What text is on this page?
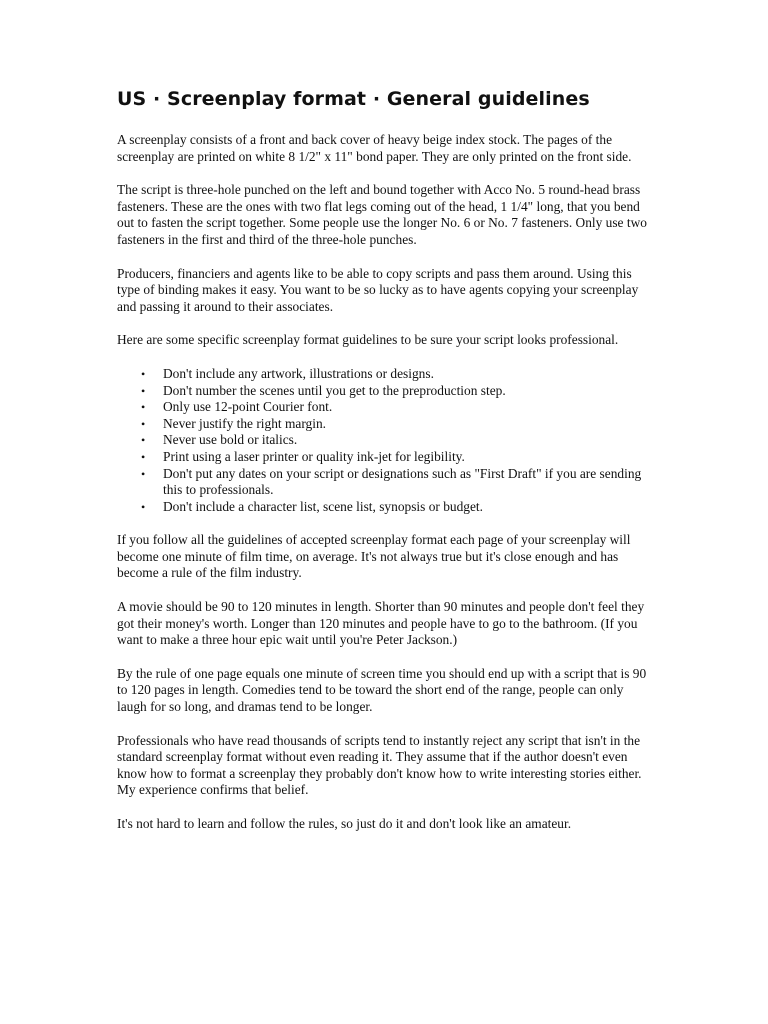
US · Screenplay format · General guidelines

A screenplay consists of a front and back cover of heavy beige index stock. The pages of the screenplay are printed on white 8 1/2" x 11" bond paper. They are only printed on the front side.

The script is three-hole punched on the left and bound together with Acco No. 5 round-head brass fasteners. These are the ones with two flat legs coming out of the head, 1 1/4" long, that you bend out to fasten the script together. Some people use the longer No. 6 or No. 7 fasteners. Only use two fasteners in the first and third of the three-hole punches.

Producers, financiers and agents like to be able to copy scripts and pass them around. Using this type of binding makes it easy. You want to be so lucky as to have agents copying your screenplay and passing it around to their associates.

Here are some specific screenplay format guidelines to be sure your script looks professional.

• Don't include any artwork, illustrations or designs.
• Don't number the scenes until you get to the preproduction step.
• Only use 12-point Courier font.
• Never justify the right margin.
• Never use bold or italics.
• Print using a laser printer or quality ink-jet for legibility.
• Don't put any dates on your script or designations such as "First Draft" if you are sending this to professionals.
• Don't include a character list, scene list, synopsis or budget.

If you follow all the guidelines of accepted screenplay format each page of your screenplay will become one minute of film time, on average. It's not always true but it's close enough and has become a rule of the film industry.

A movie should be 90 to 120 minutes in length. Shorter than 90 minutes and people don't feel they got their money's worth. Longer than 120 minutes and people have to go to the bathroom. (If you want to make a three hour epic wait until you're Peter Jackson.)

By the rule of one page equals one minute of screen time you should end up with a script that is 90 to 120 pages in length. Comedies tend to be toward the short end of the range, people can only laugh for so long, and dramas tend to be longer.

Professionals who have read thousands of scripts tend to instantly reject any script that isn't in the standard screenplay format without even reading it. They assume that if the author doesn't even know how to format a screenplay they probably don't know how to write interesting stories either. My experience confirms that belief.

It's not hard to learn and follow the rules, so just do it and don't look like an amateur.
